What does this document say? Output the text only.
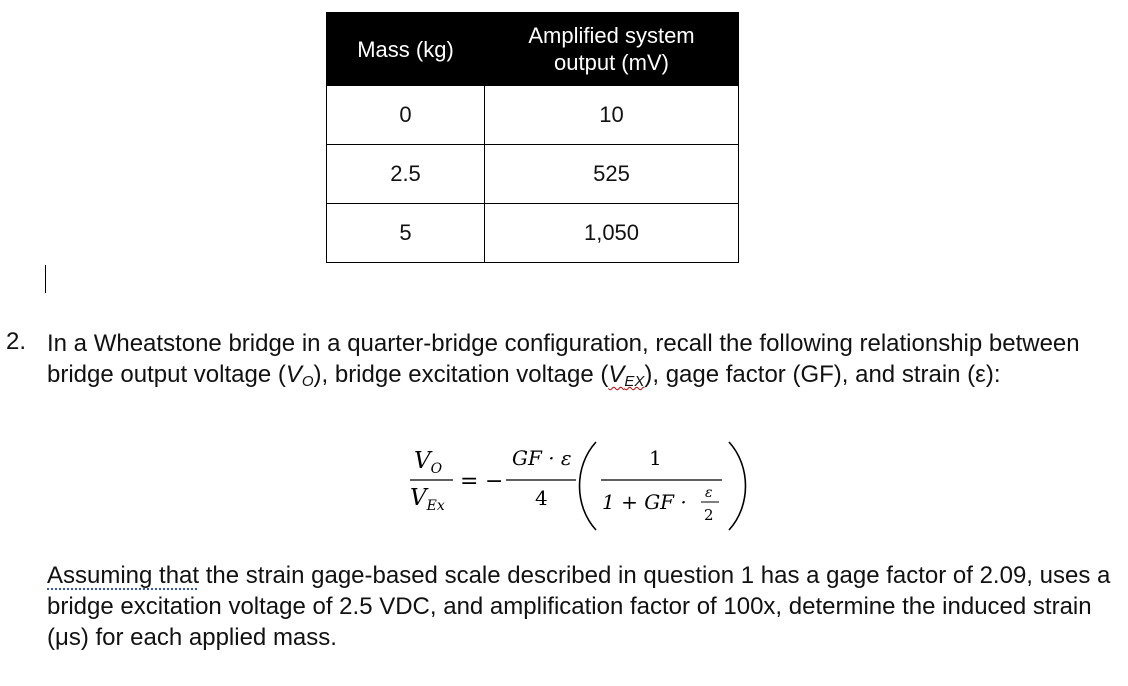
Mass (kg)	Amplified system
output (mV)
0	10
2.5	525
5	1,050
2. In a Wheatstone bridge in a quarter-bridge configuration, recall the following relationship between bridge output voltage $(V_O)$, bridge excitation voltage $(V_{EX})$, gage factor (GF), and strain (ε):
$V_O$
$V_{Ex}$
= −
GF · ε
4
1
1 + GF · ε
2
Assuming that the strain gage-based scale described in question 1 has a gage factor of 2.09, uses a bridge excitation voltage of 2.5 VDC, and amplification factor of 100x, determine the induced strain (μs) for each applied mass.
